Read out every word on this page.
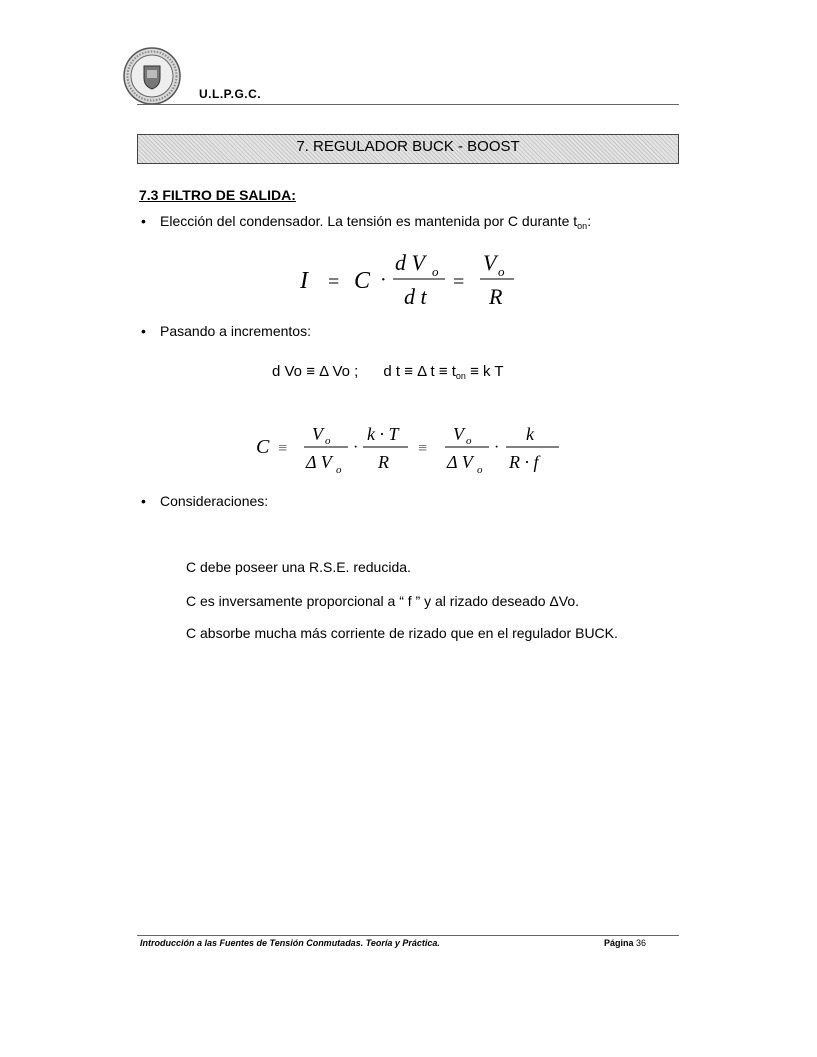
U.L.P.G.C.
7. REGULADOR BUCK - BOOST
7.3 FILTRO DE SALIDA:
• Elección del condensador. La tensión es mantenida por C durante $t_{on}$:
I = C ·
d V o
d t
=
V o
R
• Pasando a incrementos:
d Vo ≡ Δ Vo ; d t ≡ Δ $t \equiv t_{on} \equiv k$ T
C ≡
V o
Δ V o
·
k · T
R
≡
V o
Δ V o
·
k
R · f
• Consideraciones:
C debe poseer una R.S.E. reducida.
C es inversamente proporcional a “ f ” y al rizado deseado ΔVo.
C absorbe mucha más corriente de rizado que en el regulador BUCK.
Introducción a las Fuentes de Tensión Conmutadas. Teoría y Práctica.	Página 36
